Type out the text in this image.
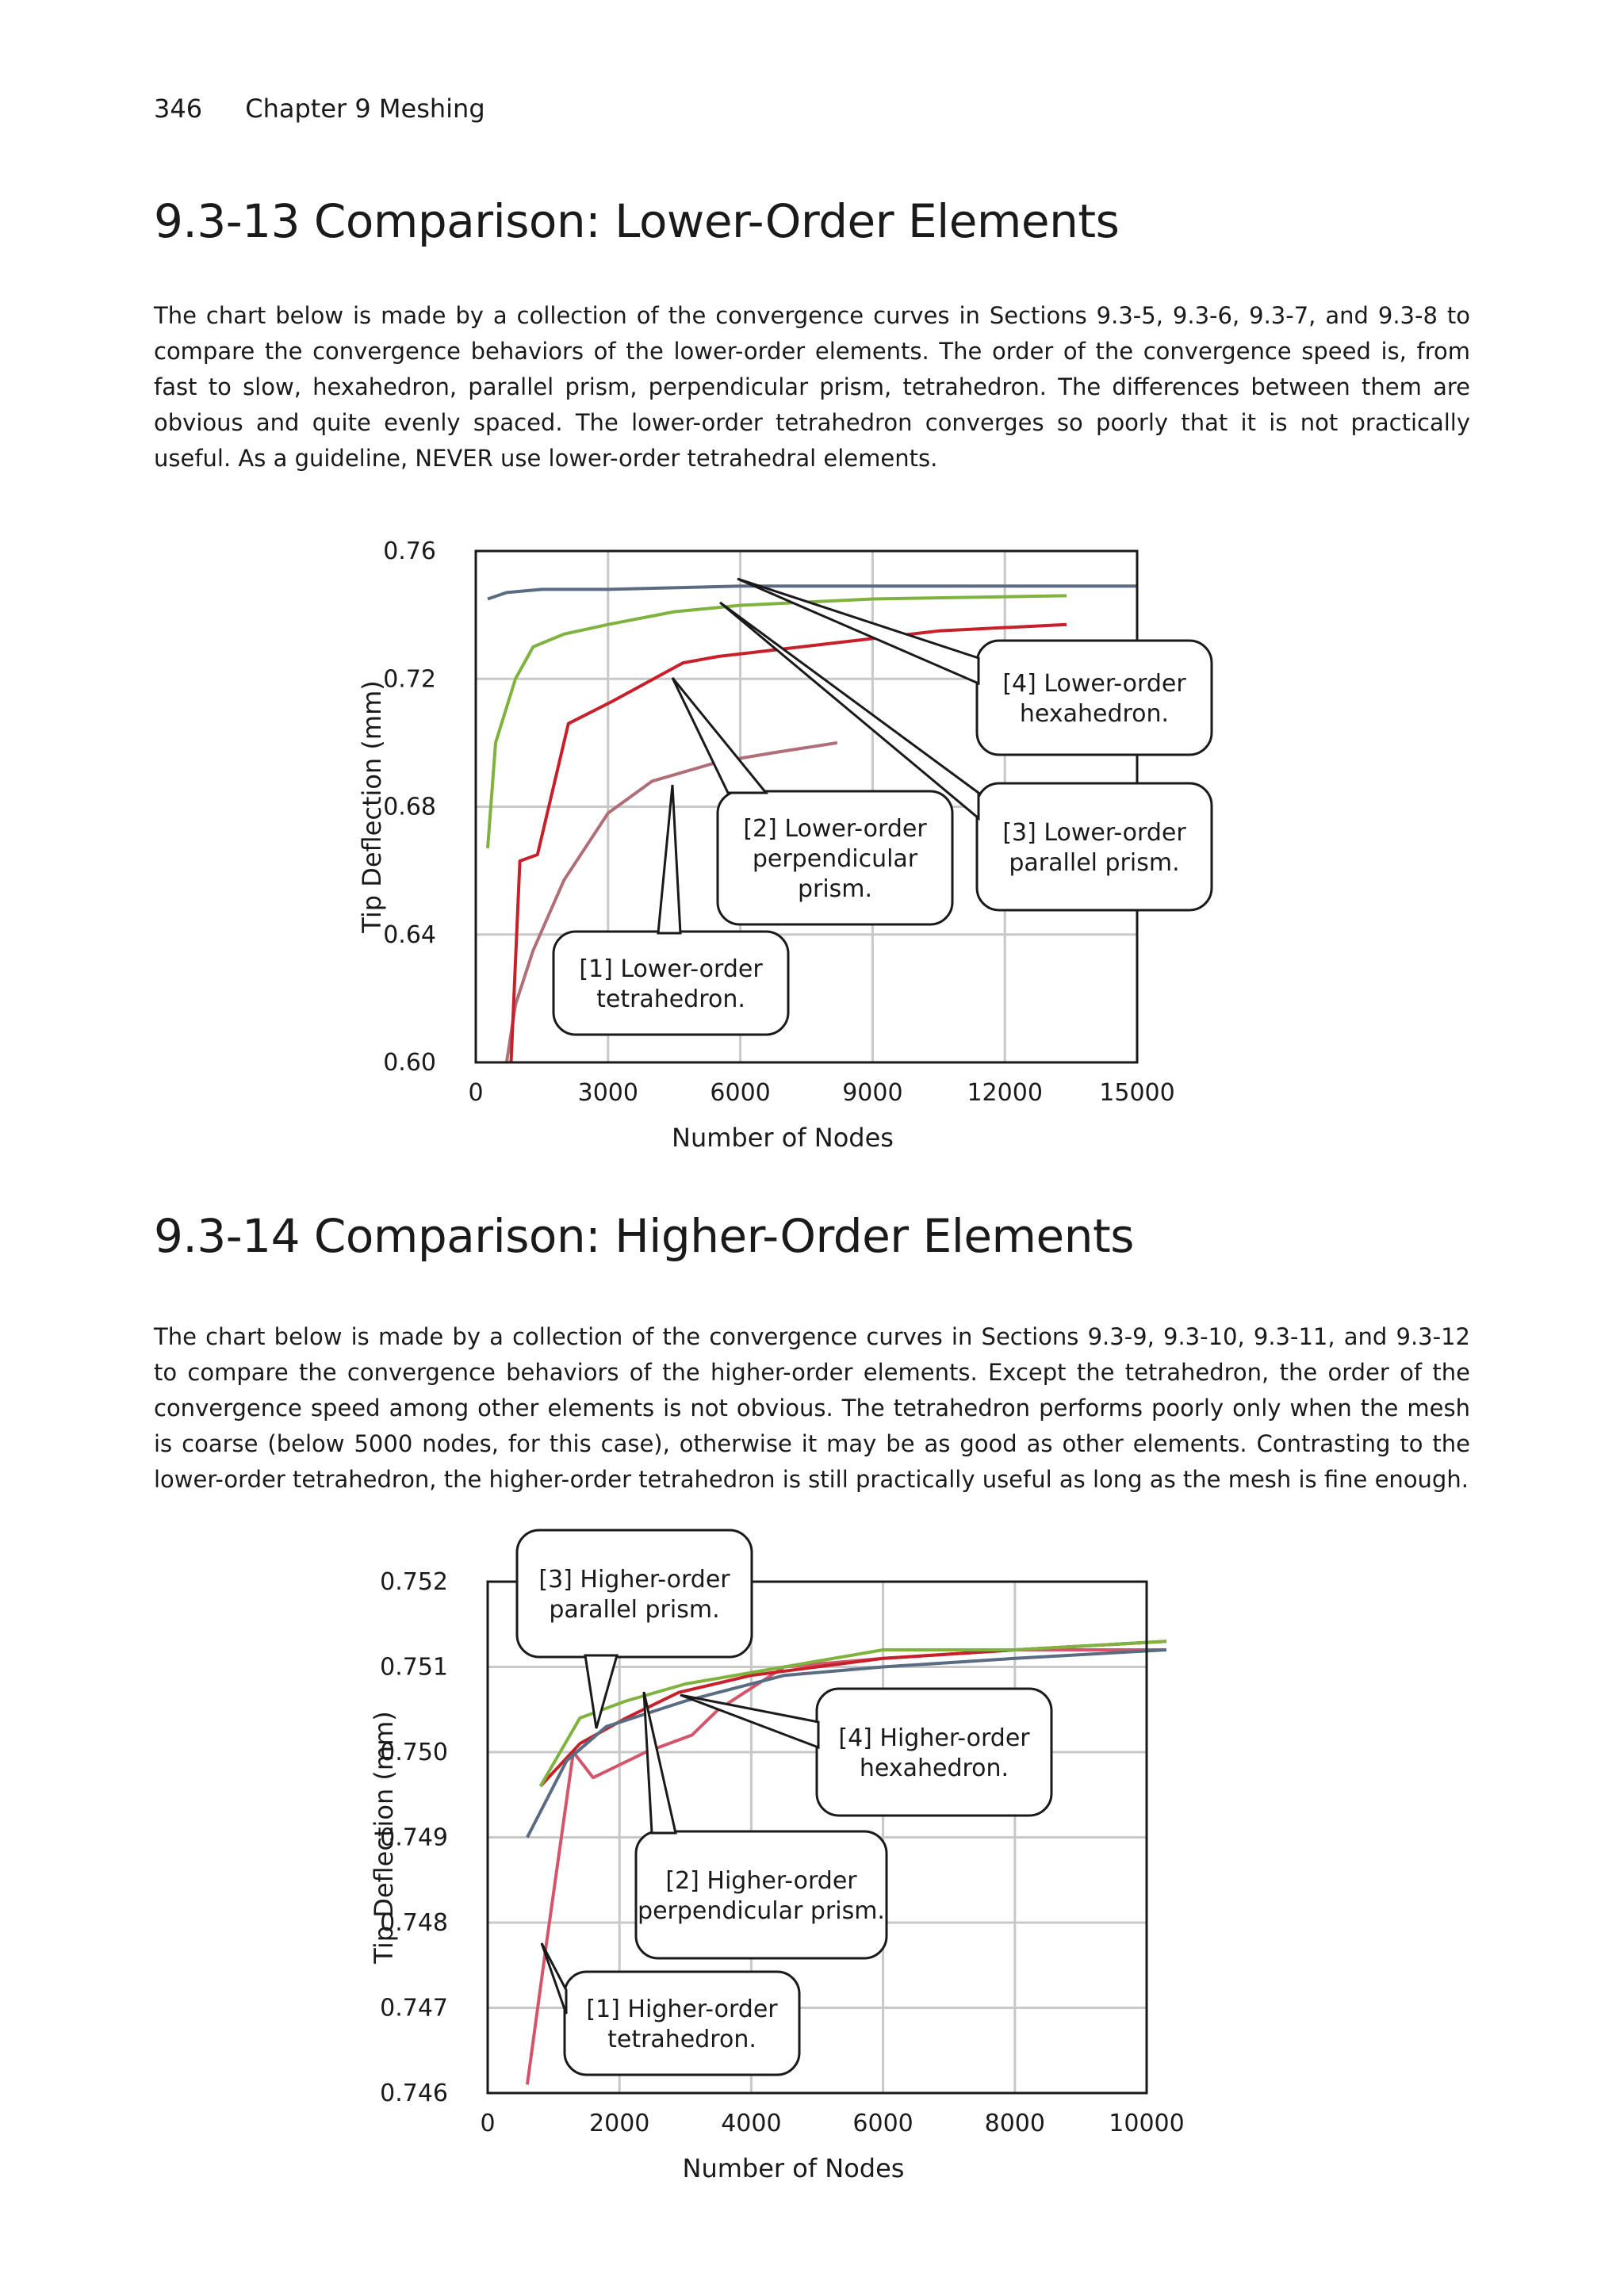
346 Chapter 9 Meshing
9.3-13 Comparison: Lower-Order Elements

The chart below is made by a collection of the convergence curves in Sections 9.3-5, 9.3-6, 9.3-7, and 9.3-8 to compare the convergence behaviors of the lower-order elements. The order of the convergence speed is, from fast to slow, hexahedron, parallel prism, perpendicular prism, tetrahedron. The differences between them are obvious and quite evenly spaced. The lower-order tetrahedron converges so poorly that it is not practically useful. As a guideline, NEVER use lower-order tetrahedral elements.

0	3000	6000	9000	12000 15000
0.76
0.72
0.68
0.64
0.60
Number of Nodes
Tip Deflection (mm)
[1] Lower-order
tetrahedron.
[2] Lower-order
perpendicular
prism.
[3] Lower-order
parallel prism.
[4] Lower-order
hexahedron.
9.3-14 Comparison: Higher-Order Elements

The chart below is made by a collection of the convergence curves in Sections 9.3-9, 9.3-10, 9.3-11, and 9.3-12 to compare the convergence behaviors of the higher-order elements. Except the tetrahedron, the order of the convergence speed among other elements is not obvious. The tetrahedron performs poorly only when the mesh is coarse (below 5000 nodes, for this case), otherwise it may be as good as other elements. Contrasting to the lower-order tetrahedron, the higher-order tetrahedron is still practically useful as long as the mesh is fine enough.

0	2000	4000	6000	8000	10000
0.752
0.751
0.750
0.749
0.748
0.747
0.746
Number of Nodes
Tip Deflection (mm)
[1] Higher-order
tetrahedron.
[2] Higher-order
perpendicular prism.
[3] Higher-order
parallel prism.
[4] Higher-order
hexahedron.
